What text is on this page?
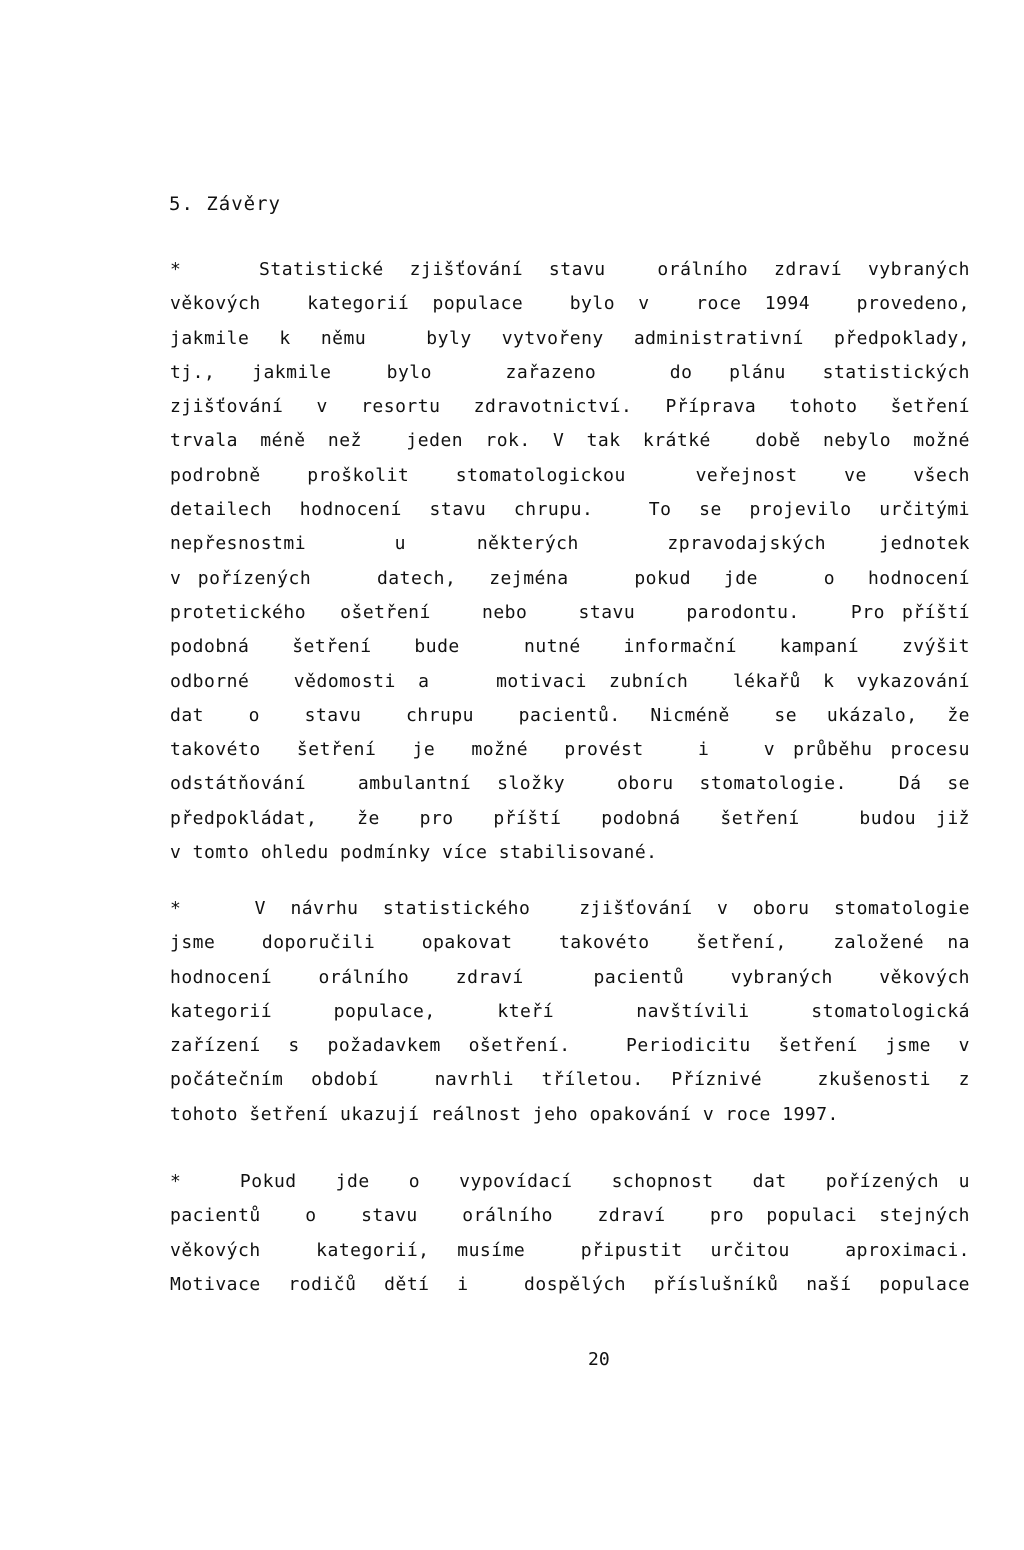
5. Závěry
*   Statistické zjišťování stavu  orálního zdraví vybraných
věkových  kategorií populace  bylo v  roce 1994  provedeno,
jakmile k němu  byly vytvořeny administrativní předpoklady,
tj.,  jakmile   bylo    zařazeno    do  plánu  statistických
zjišťování v resortu zdravotnictví. Příprava tohoto šetření
trvala méně než  jeden rok. V tak krátké  době nebylo možné
podrobně  proškolit  stomatologickou   veřejnost  ve  všech
detailech hodnocení stavu chrupu.  To se projevilo určitými
nepřesnostmi     u    některých     zpravodajských   jednotek
v pořízených    datech,  zejména    pokud  jde    o  hodnocení
protetického  ošetření   nebo   stavu   parodontu.   Pro příští
podobná  šetření  bude   nutné  informační  kampaní  zvýšit
odborné  vědomosti a   motivaci zubních  lékařů k vykazování
dat   o   stavu   chrupu   pacientů.  Nicméně   se  ukázalo,  že
takovéto  šetření  je  možné  provést   i   v průběhu procesu
odstátňování  ambulantní složky  oboru stomatologie.  Dá se
předpokládat,  že  pro  příští  podobná  šetření   budou již
v tomto ohledu podmínky více stabilisované.
*   V návrhu statistického  zjišťování v oboru stomatologie
jsme  doporučili  opakovat  takovéto  šetření,  založené na
hodnocení  orálního  zdraví   pacientů  vybraných  věkových
kategorií   populace,   kteří    navštívili   stomatologická
zařízení s požadavkem ošetření.  Periodicitu šetření jsme v
počátečním období  navrhli tříletou. Příznivé  zkušenosti z
tohoto šetření ukazují reálnost jeho opakování v roce 1997.
*   Pokud  jde  o  vypovídací  schopnost  dat  pořízených u
pacientů  o  stavu  orálního  zdraví  pro populaci stejných
věkových  kategorií, musíme  připustit určitou  aproximaci.
Motivace rodičů dětí i  dospělých příslušníků naší populace

20
